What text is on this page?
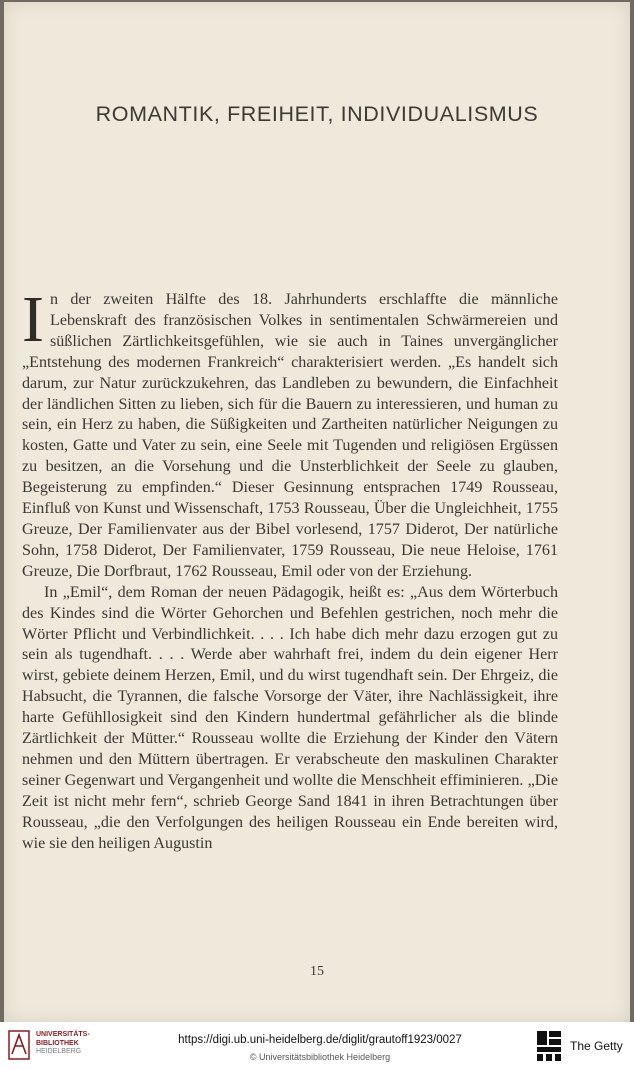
ROMANTIK, FREIHEIT, INDIVIDUALISMUS

In der zweiten Hälfte des 18. Jahrhunderts erschlaffte die männliche Lebenskraft des französischen Volkes in sentimentalen Schwärmereien und süßlichen Zärtlichkeitsgefühlen, wie sie auch in Taines unvergänglicher „Entstehung des modernen Frankreich“ charakterisiert werden. „Es handelt sich darum, zur Natur zurückzukehren, das Landleben zu bewundern, die Einfachheit der ländlichen Sitten zu lieben, sich für die Bauern zu interessieren, und human zu sein, ein Herz zu haben, die Süßigkeiten und Zartheiten natürlicher Neigungen zu kosten, Gatte und Vater zu sein, eine Seele mit Tugenden und religiösen Ergüssen zu besitzen, an die Vorsehung und die Unsterblichkeit der Seele zu glauben, Begeisterung zu empfinden.“ Dieser Gesinnung entsprachen 1749 Rousseau, Einfluß von Kunst und Wissenschaft, 1753 Rousseau, Über die Ungleichheit, 1755 Greuze, Der Familienvater aus der Bibel vorlesend, 1757 Diderot, Der natürliche Sohn, 1758 Diderot, Der Familienvater, 1759 Rousseau, Die neue Heloise, 1761 Greuze, Die Dorfbraut, 1762 Rousseau, Emil oder von der Erziehung.

In „Emil“, dem Roman der neuen Pädagogik, heißt es: „Aus dem Wörterbuch des Kindes sind die Wörter Gehorchen und Befehlen gestrichen, noch mehr die Wörter Pflicht und Verbindlichkeit. . . . Ich habe dich mehr dazu erzogen gut zu sein als tugendhaft. . . . Werde aber wahrhaft frei, indem du dein eigener Herr wirst, gebiete deinem Herzen, Emil, und du wirst tugendhaft sein. Der Ehrgeiz, die Habsucht, die Tyrannen, die falsche Vorsorge der Väter, ihre Nachlässigkeit, ihre harte Gefühllosigkeit sind den Kindern hundertmal gefährlicher als die blinde Zärtlichkeit der Mütter.“ Rousseau wollte die Erziehung der Kinder den Vätern nehmen und den Müttern übertragen. Er verabscheute den maskulinen Charakter seiner Gegenwart und Vergangenheit und wollte die Menschheit effiminieren. „Die Zeit ist nicht mehr fern“, schrieb George Sand 1841 in ihren Betrachtungen über Rousseau, „die den Verfolgungen des heiligen Rousseau ein Ende bereiten wird, wie sie den heiligen Augustin

15
UNIVERSITÄTS-
BIBLIOTHEK
HEIDELBERG
https://digi.ub.uni-heidelberg.de/diglit/grautoff1923/0027
© Universitätsbibliothek Heidelberg
The Getty
